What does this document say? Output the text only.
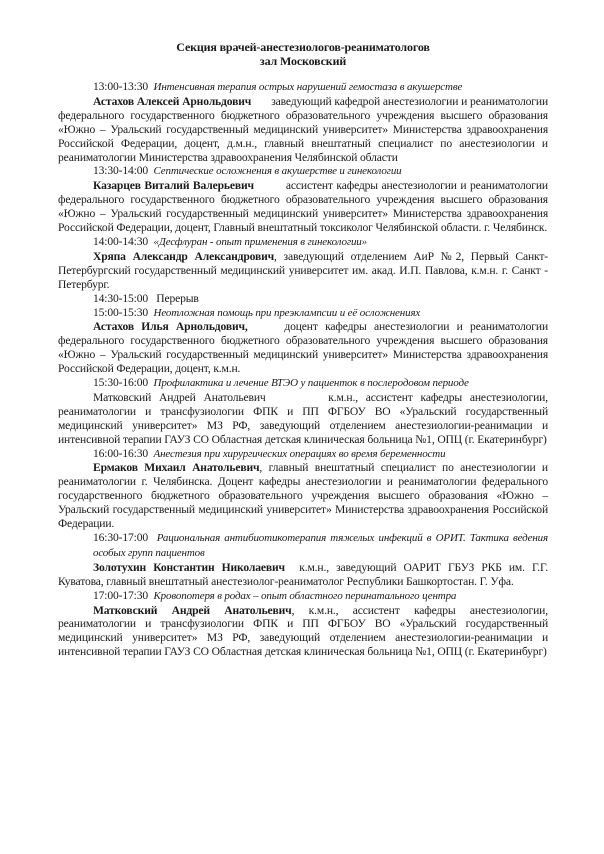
Секция врачей-анестезиологов-реаниматологов
зал Московский
13:00-13:30 Интенсивная терапия острых нарушений гемостаза в акушерстве
Астахов Алексей Арнольдович заведующий кафедрой анестезиологии и реаниматологии федерального государственного бюджетного образовательного учреждения высшего образования «Южно – Уральский государственный медицинский университет» Министерства здравоохранения Российской Федерации, доцент, д.м.н., главный внештатный специалист по анестезиологии и реаниматологии Министерства здравоохранения Челябинской области
13:30-14:00 Септические осложнения в акушерстве и гинекологии
Казарцев Виталий Валерьевич	ассистент кафедры анестезиологии и реаниматологии федерального государственного бюджетного образовательного учреждения высшего образования «Южно – Уральский государственный медицинский университет» Министерства здравоохранения Российской Федерации, доцент, Главный внештатный токсиколог Челябинской области. г. Челябинск.
14:00-14:30 «Десфлуран - опыт применения в гинекологии»
Хряпа Александр Александрович, заведующий отделением АиР №2, Первый Санкт-Петербургский государственный медицинский университет им. акад. И.П. Павлова, к.м.н. г. Санкт - Петербург.
14:30-15:00 Перерыв
15:00-15:30 Неотложная помощь при преэклампсии и её осложнениях
Астахов Илья Арнольдович,	доцент кафедры анестезиологии и реаниматологии федерального государственного бюджетного образовательного учреждения высшего образования «Южно – Уральский государственный медицинский университет» Министерства здравоохранения Российской Федерации, доцент, к.м.н.
15:30-16:00 Профилактика и лечение ВТЭО у пациенток в послеродовом периоде
Матковский Андрей Анатольевич	к.м.н., ассистент кафедры анестезиологии, реаниматологии и трансфузиологии ФПК и ПП ФГБОУ ВО «Уральский государственный медицинский университет» МЗ РФ, заведующий отделением анестезиологии-реанимации и интенсивной терапии ГАУЗ СО Областная детская клиническая больница №1, ОПЦ (г. Екатеринбург)
16:00-16:30 Анестезия при хирургических операциях во время беременности
Ермаков Михаил Анатольевич, главный внештатный специалист по анестезиологии и реаниматологии г. Челябинска. Доцент кафедры анестезиологии и реаниматологии федерального государственного бюджетного образовательного учреждения высшего образования «Южно – Уральский государственный медицинский университет» Министерства здравоохранения Российской Федерации.
16:30-17:00 Рациональная антибиотикотерапия тяжелых инфекций в ОРИТ. Тактика ведения особых групп пациентов
Золотухин Константин Николаевич к.м.н., заведующий ОАРИТ ГБУЗ РКБ им. Г.Г. Куватова, главный внештатный анестезиолог-реаниматолог Республики Башкортостан. Г. Уфа.
17:00-17:30 Кровопотеря в родах – опыт областного перинатального центра
Матковский Андрей Анатольевич, к.м.н., ассистент кафедры анестезиологии, реаниматологии и трансфузиологии ФПК и ПП ФГБОУ ВО «Уральский государственный медицинский университет» МЗ РФ, заведующий отделением анестезиологии-реанимации и интенсивной терапии ГАУЗ СО Областная детская клиническая больница №1, ОПЦ (г. Екатеринбург)
